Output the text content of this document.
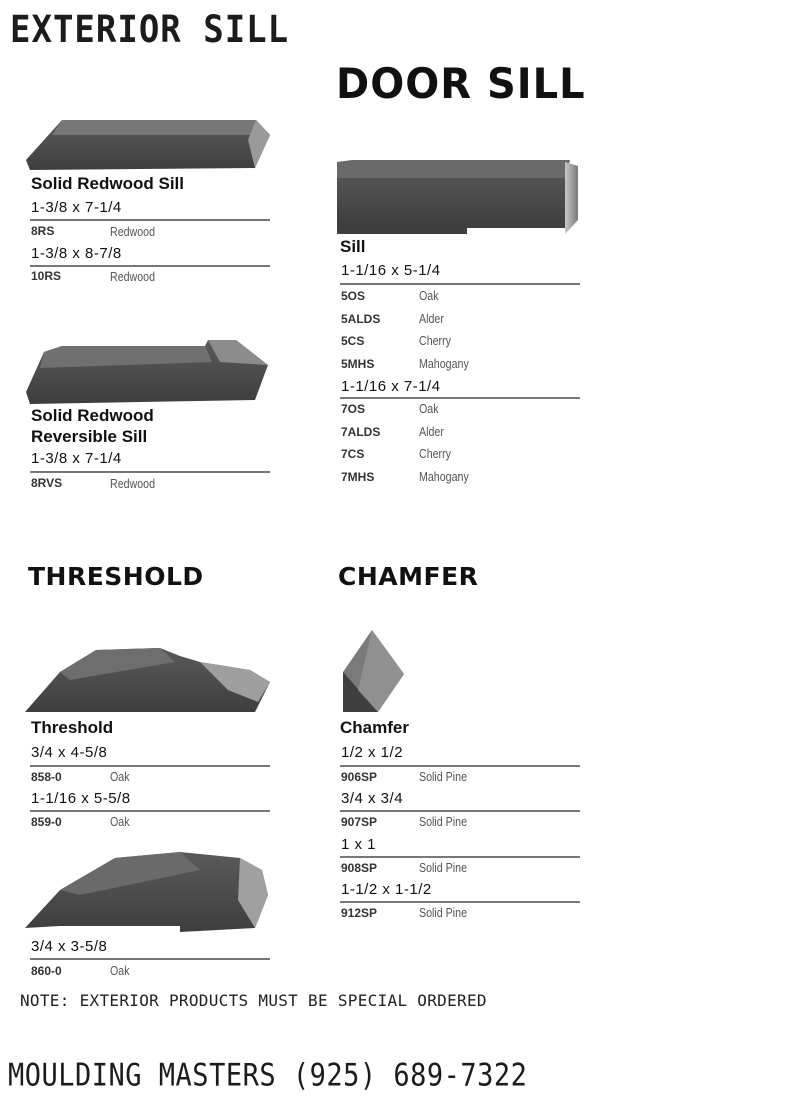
EXTERIOR SILL
DOOR SILL
THRESHOLD	CHAMFER
Solid Redwood Sill
1-3/8 x 7-1/4
8RS	Redwood
1-3/8 x 8-7/8
10RS	Redwood
Solid Redwood
Reversible Sill
1-3/8 x 7-1/4
8RVS	Redwood
Sill
1-1/16 x 5-1/4
5OS	Oak
5ALDS	Alder
5CS	Cherry
5MHS	Mahogany
1-1/16 x 7-1/4
7OS	Oak
7ALDS	Alder
7CS	Cherry
7MHS	Mahogany
Threshold
3/4 x 4-5/8
858-0	Oak
1-1/16 x 5-5/8
859-0	Oak
3/4 x 3-5/8
860-0	Oak
Chamfer
1/2 x 1/2
906SP	Solid Pine
3/4 x 3/4
907SP	Solid Pine
1 x 1
908SP	Solid Pine
1-1/2 x 1-1/2
912SP	Solid Pine
NOTE: EXTERIOR PRODUCTS MUST BE SPECIAL ORDERED
MOULDING MASTERS (925) 689-7322
